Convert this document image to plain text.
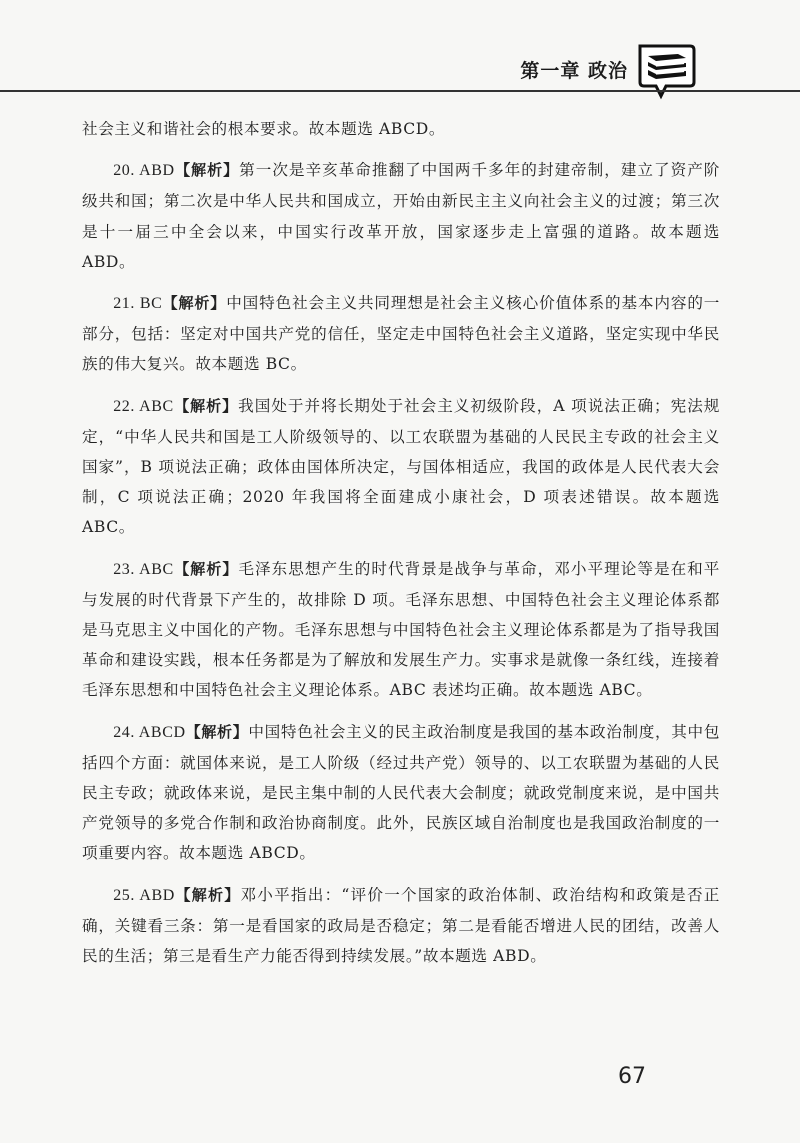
第一章 政治

社会主义和谐社会的根本要求。故本题选 ABCD。

20. ABD【解析】第一次是辛亥革命推翻了中国两千多年的封建帝制，建立了资产阶级共和国；第二次是中华人民共和国成立，开始由新民主主义向社会主义的过渡；第三次是十一届三中全会以来，中国实行改革开放，国家逐步走上富强的道路。故本题选 ABD。

21. BC【解析】中国特色社会主义共同理想是社会主义核心价值体系的基本内容的一部分，包括：坚定对中国共产党的信任，坚定走中国特色社会主义道路，坚定实现中华民族的伟大复兴。故本题选 BC。

22. ABC【解析】我国处于并将长期处于社会主义初级阶段，A 项说法正确；宪法规定，“中华人民共和国是工人阶级领导的、以工农联盟为基础的人民民主专政的社会主义国家”，B 项说法正确；政体由国体所决定，与国体相适应，我国的政体是人民代表大会制，C 项说法正确；2020 年我国将全面建成小康社会，D 项表述错误。故本题选 ABC。

23. ABC【解析】毛泽东思想产生的时代背景是战争与革命，邓小平理论等是在和平与发展的时代背景下产生的，故排除 D 项。毛泽东思想、中国特色社会主义理论体系都是马克思主义中国化的产物。毛泽东思想与中国特色社会主义理论体系都是为了指导我国革命和建设实践，根本任务都是为了解放和发展生产力。实事求是就像一条红线，连接着毛泽东思想和中国特色社会主义理论体系。ABC 表述均正确。故本题选 ABC。

24. ABCD【解析】中国特色社会主义的民主政治制度是我国的基本政治制度，其中包括四个方面：就国体来说，是工人阶级（经过共产党）领导的、以工农联盟为基础的人民民主专政；就政体来说，是民主集中制的人民代表大会制度；就政党制度来说，是中国共产党领导的多党合作制和政治协商制度。此外，民族区域自治制度也是我国政治制度的一项重要内容。故本题选 ABCD。

25. ABD【解析】邓小平指出：“评价一个国家的政治体制、政治结构和政策是否正确，关键看三条：第一是看国家的政局是否稳定；第二是看能否增进人民的团结，改善人民的生活；第三是看生产力能否得到持续发展。”故本题选 ABD。

67
